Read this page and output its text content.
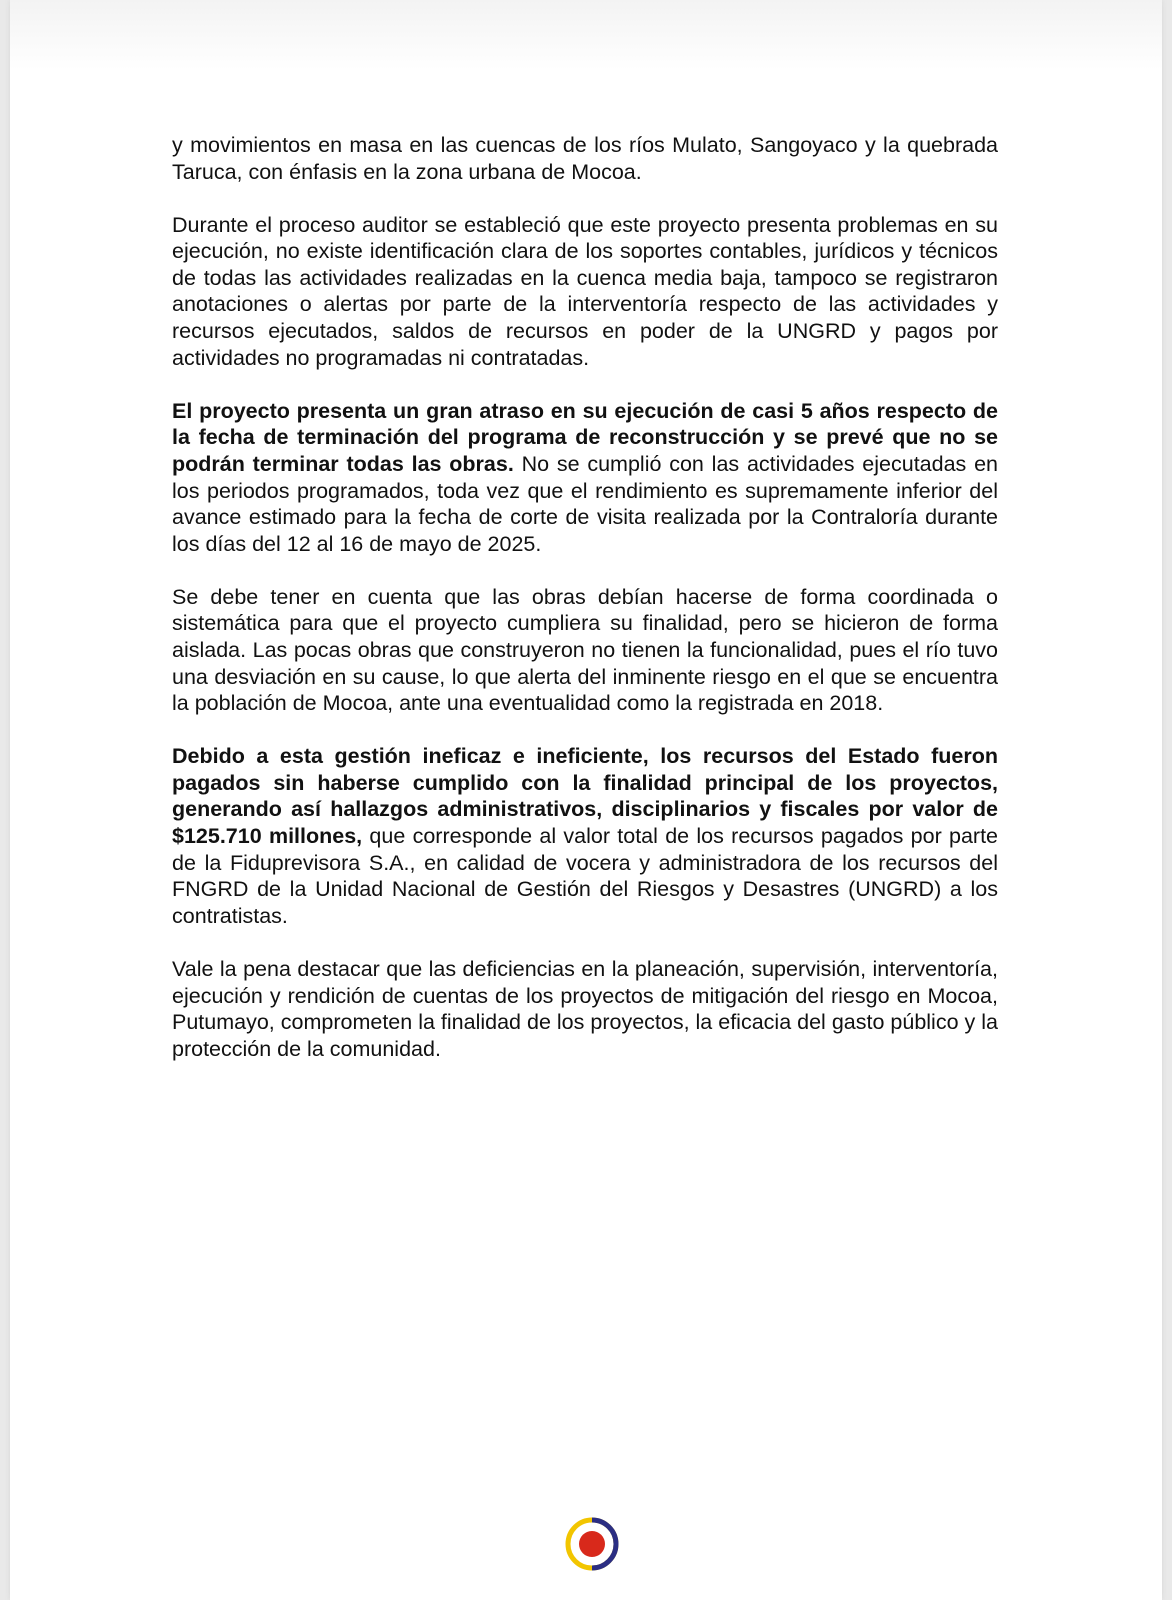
y movimientos en masa en las cuencas de los ríos Mulato, Sangoyaco y la quebrada Taruca, con énfasis en la zona urbana de Mocoa.

Durante el proceso auditor se estableció que este proyecto presenta problemas en su ejecución, no existe identificación clara de los soportes contables, jurídicos y técnicos de todas las actividades realizadas en la cuenca media baja, tampoco se registraron anotaciones o alertas por parte de la interventoría respecto de las actividades y recursos ejecutados, saldos de recursos en poder de la UNGRD y pagos por actividades no programadas ni contratadas.

El proyecto presenta un gran atraso en su ejecución de casi 5 años respecto de la fecha de terminación del programa de reconstrucción y se prevé que no se podrán terminar todas las obras. No se cumplió con las actividades ejecutadas en los periodos programados, toda vez que el rendimiento es supremamente inferior del avance estimado para la fecha de corte de visita realizada por la Contraloría durante los días del 12 al 16 de mayo de 2025.

Se debe tener en cuenta que las obras debían hacerse de forma coordinada o sistemática para que el proyecto cumpliera su finalidad, pero se hicieron de forma aislada. Las pocas obras que construyeron no tienen la funcionalidad, pues el río tuvo una desviación en su cause, lo que alerta del inminente riesgo en el que se encuentra la población de Mocoa, ante una eventualidad como la registrada en 2018.

Debido a esta gestión ineficaz e ineficiente, los recursos del Estado fueron pagados sin haberse cumplido con la finalidad principal de los proyectos, generando así hallazgos administrativos, disciplinarios y fiscales por valor de $125.710 millones, que corresponde al valor total de los recursos pagados por parte de la Fiduprevisora S.A., en calidad de vocera y administradora de los recursos del FNGRD de la Unidad Nacional de Gestión del Riesgos y Desastres (UNGRD) a los contratistas.

Vale la pena destacar que las deficiencias en la planeación, supervisión, interventoría, ejecución y rendición de cuentas de los proyectos de mitigación del riesgo en Mocoa, Putumayo, comprometen la finalidad de los proyectos, la eficacia del gasto público y la protección de la comunidad.
